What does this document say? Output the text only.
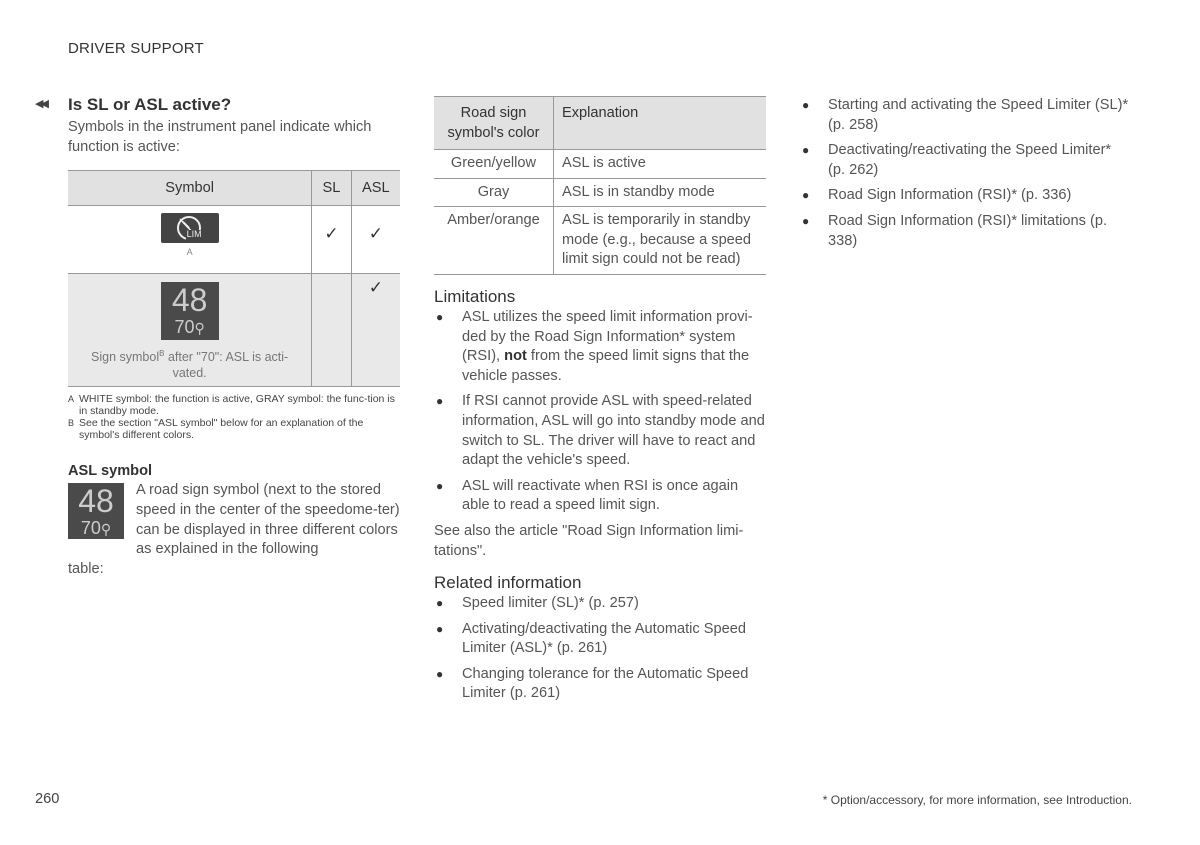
DRIVER SUPPORT
◀◀ Is SL or ASL active?
Symbols in the instrument panel indicate which function is active:
Symbol	SL	ASL

LIM
A	✓	✓

48
70⚲
Sign symbol$^B$ after "70": ASL is acti-vated.		✓
A WHITE symbol: the function is active, GRAY symbol: the func-tion is in standby mode.
B See the section "ASL symbol" below for an explanation of the symbol's different colors.
ASL symbol
48
70⚲
A road sign symbol (next to the stored speed in the center of the speedome-ter) can be displayed in three different colors as explained in the following
table:
Road sign symbol's color	Explanation
Green/yellow	ASL is active
Gray	ASL is in standby mode
Amber/orange	ASL is temporarily in standby mode (e.g., because a speed limit sign could not be read)
Limitations
● ASL utilizes the speed limit information provi-ded by the Road Sign Information* system (RSI), not from the speed limit signs that the vehicle passes.
● If RSI cannot provide ASL with speed-related information, ASL will go into standby mode and switch to SL. The driver will have to react and adapt the vehicle's speed.
● ASL will reactivate when RSI is once again able to read a speed limit sign.
See also the article "Road Sign Information limi-tations".
Related information
● Speed limiter (SL)* (p. 257)
● Activating/deactivating the Automatic Speed Limiter (ASL)* (p. 261)
● Changing tolerance for the Automatic Speed Limiter (p. 261)
● Starting and activating the Speed Limiter (SL)* (p. 258)
● Deactivating/reactivating the Speed Limiter* (p. 262)
● Road Sign Information (RSI)* (p. 336)
● Road Sign Information (RSI)* limitations (p. 338)
260	* Option/accessory, for more information, see Introduction.
